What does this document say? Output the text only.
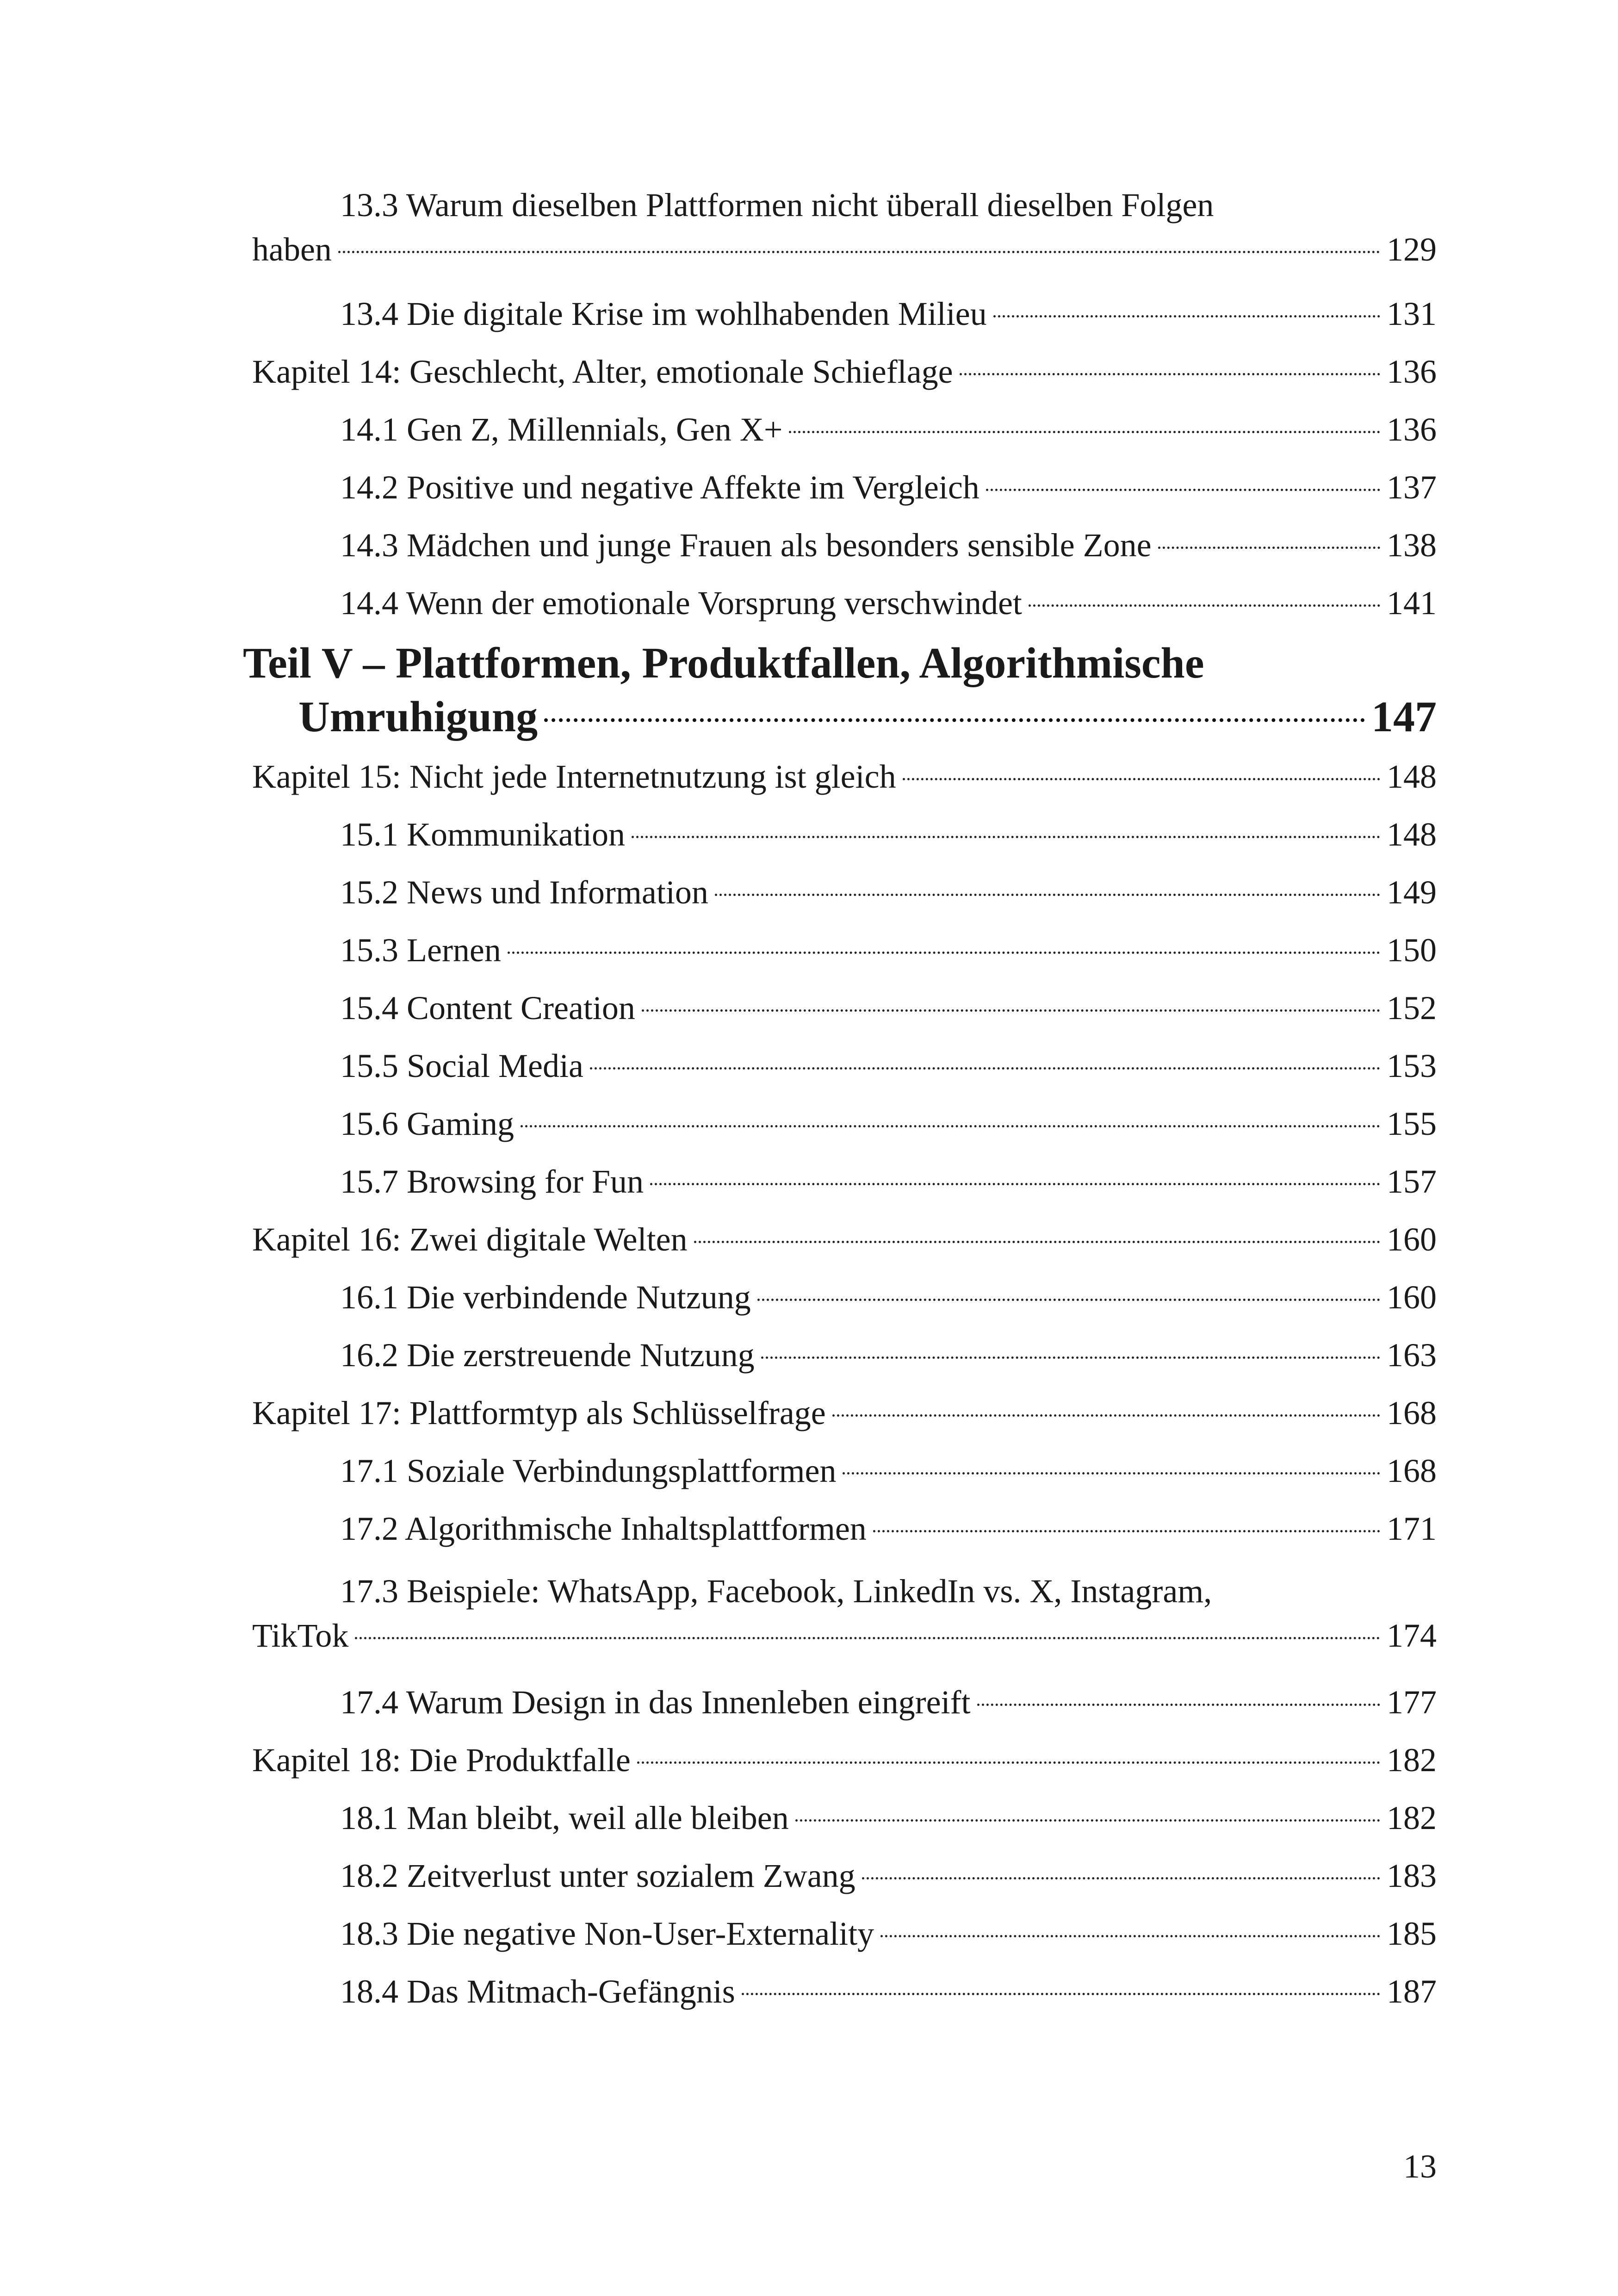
13.3 Warum dieselben Plattformen nicht überall dieselben Folgen
haben	129
13.4 Die digitale Krise im wohlhabenden Milieu	131
Kapitel 14: Geschlecht, Alter, emotionale Schieflage	136
14.1 Gen Z, Millennials, Gen X+	136
14.2 Positive und negative Affekte im Vergleich	137
14.3 Mädchen und junge Frauen als besonders sensible Zone	138
14.4 Wenn der emotionale Vorsprung verschwindet	141
Teil V – Plattformen, Produktfallen, Algorithmische
Umruhigung	147
Kapitel 15: Nicht jede Internetnutzung ist gleich	148
15.1 Kommunikation	148
15.2 News und Information	149
15.3 Lernen	150
15.4 Content Creation	152
15.5 Social Media	153
15.6 Gaming	155
15.7 Browsing for Fun	157
Kapitel 16: Zwei digitale Welten	160
16.1 Die verbindende Nutzung	160
16.2 Die zerstreuende Nutzung	163
Kapitel 17: Plattformtyp als Schlüsselfrage	168
17.1 Soziale Verbindungsplattformen	168
17.2 Algorithmische Inhaltsplattformen	171
17.3 Beispiele: WhatsApp, Facebook, LinkedIn vs. X, Instagram,
TikTok	174
17.4 Warum Design in das Innenleben eingreift	177
Kapitel 18: Die Produktfalle	182
18.1 Man bleibt, weil alle bleiben	182
18.2 Zeitverlust unter sozialem Zwang	183
18.3 Die negative Non-User-Externality	185
18.4 Das Mitmach-Gefängnis	187
13
